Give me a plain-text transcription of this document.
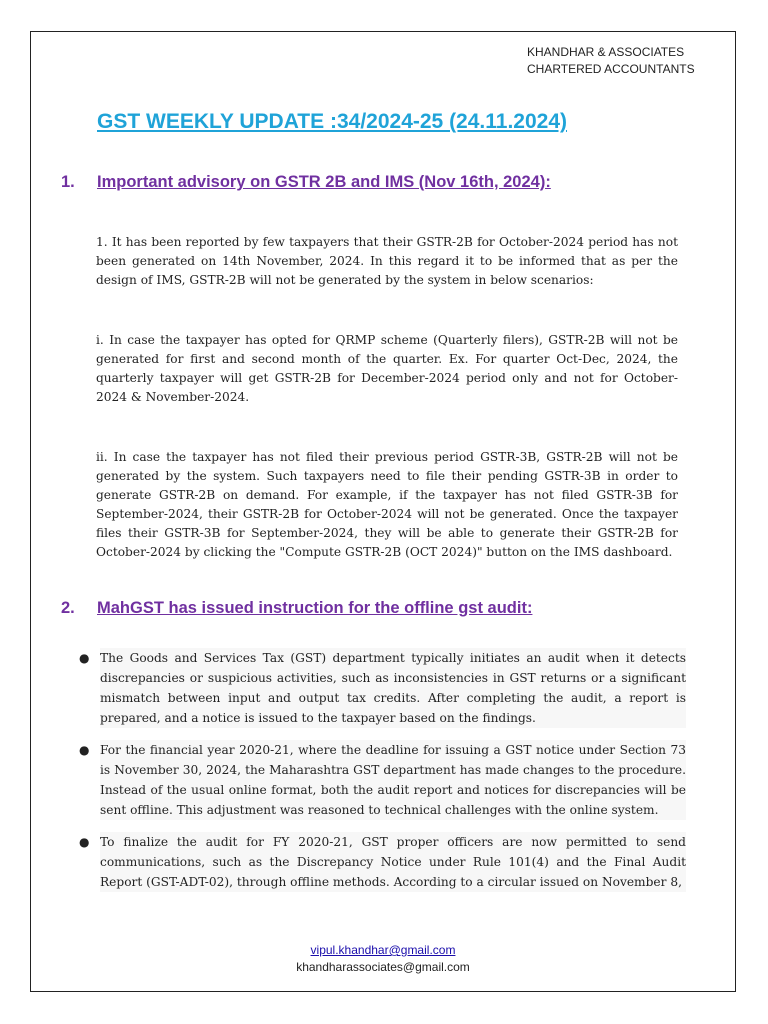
KHANDHAR & ASSOCIATES
CHARTERED ACCOUNTANTS
GST WEEKLY UPDATE :34/2024-25 (24.11.2024)
1. Important advisory on GSTR 2B and IMS (Nov 16th, 2024):

1. It has been reported by few taxpayers that their GSTR-2B for October-2024 period has not been generated on 14th November, 2024. In this regard it to be informed that as per the design of IMS, GSTR-2B will not be generated by the system in below scenarios:

i. In case the taxpayer has opted for QRMP scheme (Quarterly filers), GSTR-2B will not be generated for first and second month of the quarter. Ex. For quarter Oct-Dec, 2024, the quarterly taxpayer will get GSTR-2B for December-2024 period only and not for October-2024 & November-2024.

ii. In case the taxpayer has not filed their previous period GSTR-3B, GSTR-2B will not be generated by the system. Such taxpayers need to file their pending GSTR-3B in order to generate GSTR-2B on demand. For example, if the taxpayer has not filed GSTR-3B for September-2024, their GSTR-2B for October-2024 will not be generated. Once the taxpayer files their GSTR-3B for September-2024, they will be able to generate their GSTR-2B for October-2024 by clicking the "Compute GSTR-2B (OCT 2024)" button on the IMS dashboard.

2. MahGST has issued instruction for the offline gst audit:
● The Goods and Services Tax (GST) department typically initiates an audit when it detects discrepancies or suspicious activities, such as inconsistencies in GST returns or a significant mismatch between input and output tax credits. After completing the audit, a report is prepared, and a notice is issued to the taxpayer based on the findings.
● For the financial year 2020-21, where the deadline for issuing a GST notice under Section 73 is November 30, 2024, the Maharashtra GST department has made changes to the procedure. Instead of the usual online format, both the audit report and notices for discrepancies will be sent offline. This adjustment was reasoned to technical challenges with the online system.
● To finalize the audit for FY 2020-21, GST proper officers are now permitted to send communications, such as the Discrepancy Notice under Rule 101(4) and the Final Audit Report (GST-ADT-02), through offline methods. According to a circular issued on November 8,
vipul.khandhar@gmail.com
khandharassociates@gmail.com
